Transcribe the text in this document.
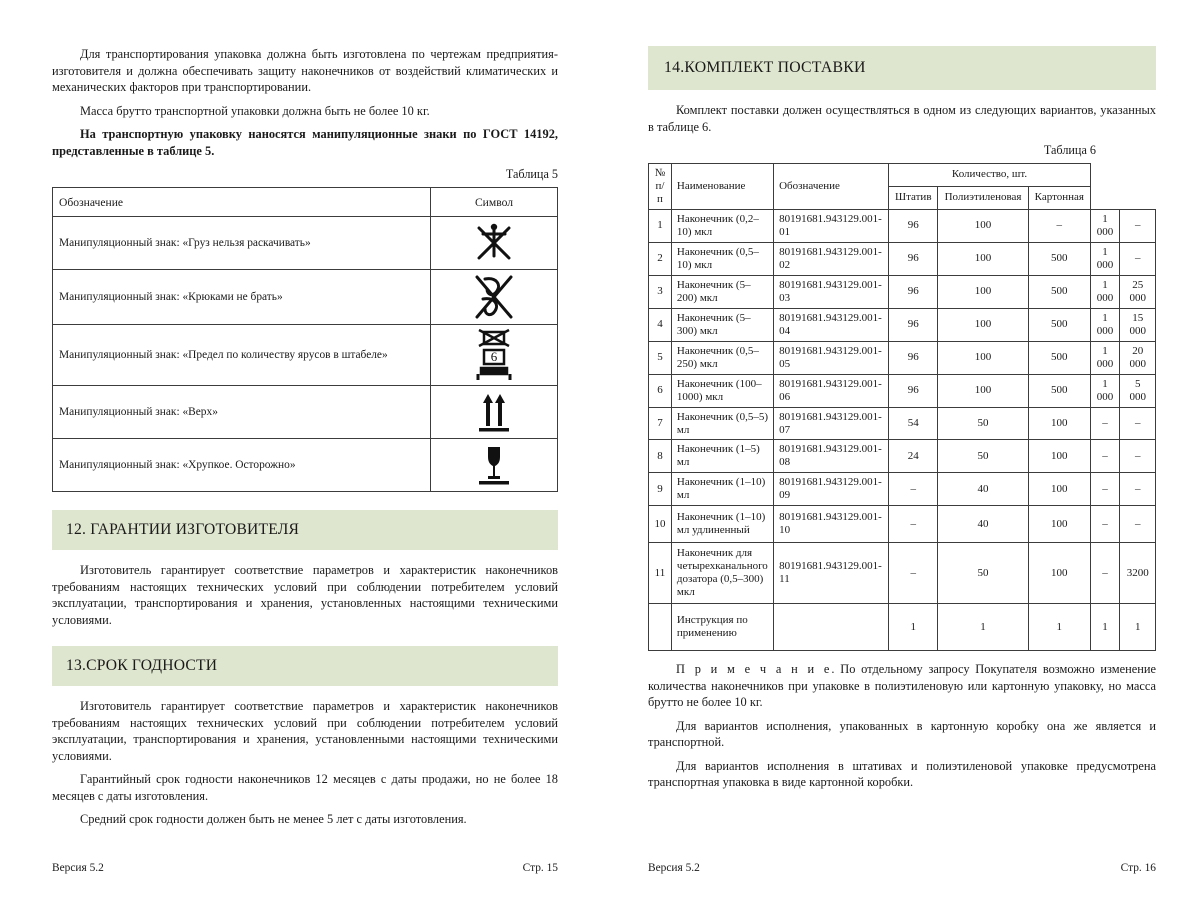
Для транспортирования упаковка должна быть изготовлена по чертежам предприятия-изготовителя и должна обеспечивать защиту наконечников от воздействий климатических и механических факторов при транспортировании.

Масса брутто транспортной упаковки должна быть не более 10 кг.

На транспортную упаковку наносятся манипуляционные знаки по ГОСТ 14192, представленные в таблице 5.

Таблица 5
Обозначение	Символ
Манипуляционный знак: «Груз нельзя раскачивать»	

Манипуляционный знак: «Крюками не брать»	

Манипуляционный знак: «Предел по количеству ярусов в штабеле»	6

Манипуляционный знак: «Верх»	

Манипуляционный знак: «Хрупкое. Осторожно»	
12. ГАРАНТИИ ИЗГОТОВИТЕЛЯ

Изготовитель гарантирует соответствие параметров и характеристик наконечников требованиям настоящих технических условий при соблюдении потребителем условий эксплуатации, транспортирования и хранения, установленных настоящими техническими условиями.

13.СРОК ГОДНОСТИ

Изготовитель гарантирует соответствие параметров и характеристик наконечников требованиям настоящих технических условий при соблюдении потребителем условий эксплуатации, транспортирования и хранения, установленными настоящими техническими условиями.

Гарантийный срок годности наконечников 12 месяцев с даты продажи, но не более 18 месяцев с даты изготовления.

Средний срок годности должен быть не менее 5 лет с даты изготовления.

Версия 5.2	Стр. 15
14.КОМПЛЕКТ ПОСТАВКИ

Комплект поставки должен осуществляться в одном из следующих вариантов, указанных в таблице 6.

Таблица 6
№ п/п	Наименование	Обозначение	Количество, шт.				
			Штатив	Полиэтиленовая	Картонная		
1	Наконечник (0,2–10) мкл	80191681.943129.001-01	96	100	–	1 000	–
2	Наконечник (0,5–10) мкл	80191681.943129.001-02	96	100	500	1 000	–
3	Наконечник (5–200) мкл	80191681.943129.001-03	96	100	500	1 000	25 000
4	Наконечник (5–300) мкл	80191681.943129.001-04	96	100	500	1 000	15 000
5	Наконечник (0,5–250) мкл	80191681.943129.001-05	96	100	500	1 000	20 000
6	Наконечник (100–1000) мкл	80191681.943129.001-06	96	100	500	1 000	5 000
7	Наконечник (0,5–5) мл	80191681.943129.001-07	54	50	100	–	–
8	Наконечник (1–5) мл	80191681.943129.001-08	24	50	100	–	–
9	Наконечник (1–10) мл	80191681.943129.001-09	–	40	100	–	–
10	Наконечник (1–10) мл удлиненный	80191681.943129.001-10	–	40	100	–	–
11	Наконечник для четырехканального дозатора (0,5–300) мкл	80191681.943129.001-11	–	50	100	–	3200
	Инструкция по применению		1	1	1	1	1

П р и м е ч а н и е. По отдельному запросу Покупателя возможно изменение количества наконечников при упаковке в полиэтиленовую или картонную упаковку, но масса брутто не более 10 кг.

Для вариантов исполнения, упакованных в картонную коробку она же является и транспортной.

Для вариантов исполнения в штативах и полиэтиленовой упаковке предусмотрена транспортная упаковка в виде картонной коробки.

Версия 5.2	Стр. 16
